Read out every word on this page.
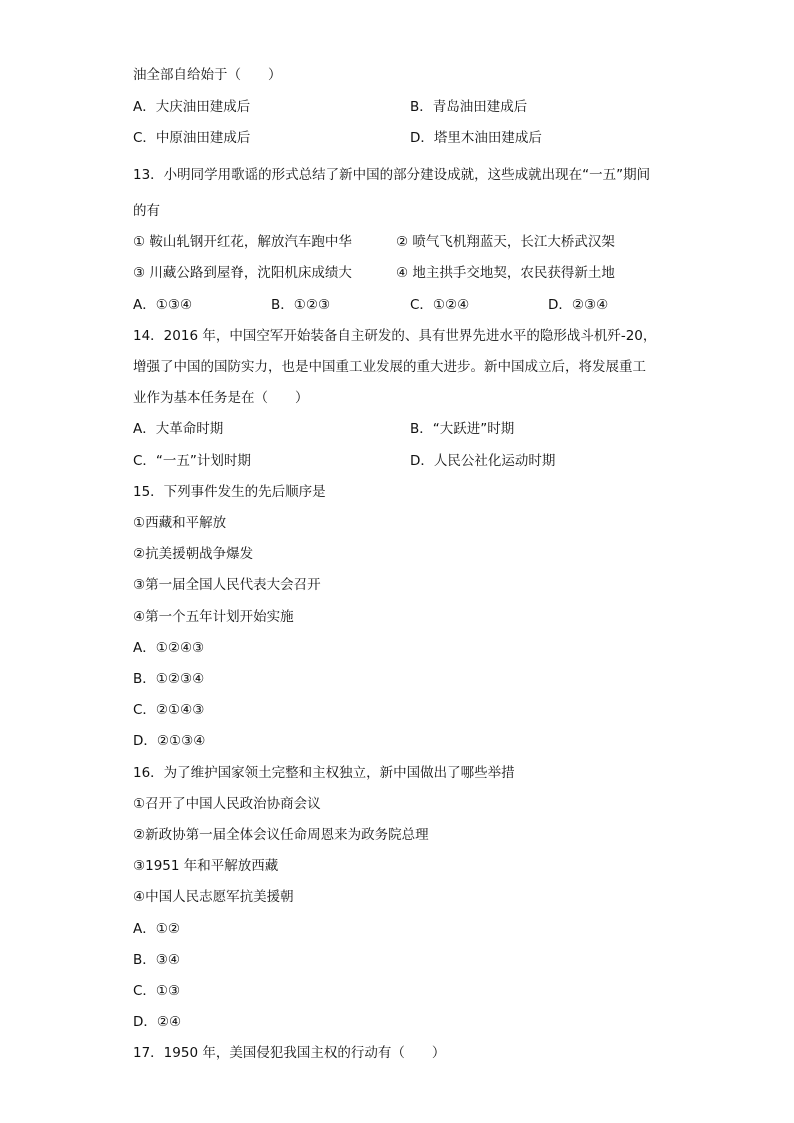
油全部自给始于（　　）
A．大庆油田建成后	B．青岛油田建成后
C．中原油田建成后	D．塔里木油田建成后
13．小明同学用歌谣的形式总结了新中国的部分建设成就，这些成就出现在“一五”期间
的有
① 鞍山轧钢开红花，解放汽车跑中华	② 喷气飞机翔蓝天，长江大桥武汉架
③ 川藏公路到屋脊，沈阳机床成绩大	④ 地主拱手交地契，农民获得新土地
A．①③④	B．①②③	C．①②④	D．②③④
14．2016 年，中国空军开始装备自主研发的、具有世界先进水平的隐形战斗机歼-20，
增强了中国的国防实力，也是中国重工业发展的重大进步。新中国成立后，将发展重工
业作为基本任务是在（　　）
A．大革命时期	B．“大跃进”时期
C．“一五”计划时期	D．人民公社化运动时期
15．下列事件发生的先后顺序是
①西藏和平解放
②抗美援朝战争爆发
③第一届全国人民代表大会召开
④第一个五年计划开始实施
A．①②④③
B．①②③④
C．②①④③
D．②①③④
16．为了维护国家领土完整和主权独立，新中国做出了哪些举措
①召开了中国人民政治协商会议
②新政协第一届全体会议任命周恩来为政务院总理
③1951 年和平解放西藏
④中国人民志愿军抗美援朝
A．①②
B．③④
C．①③
D．②④
17．1950 年，美国侵犯我国主权的行动有（　　）
